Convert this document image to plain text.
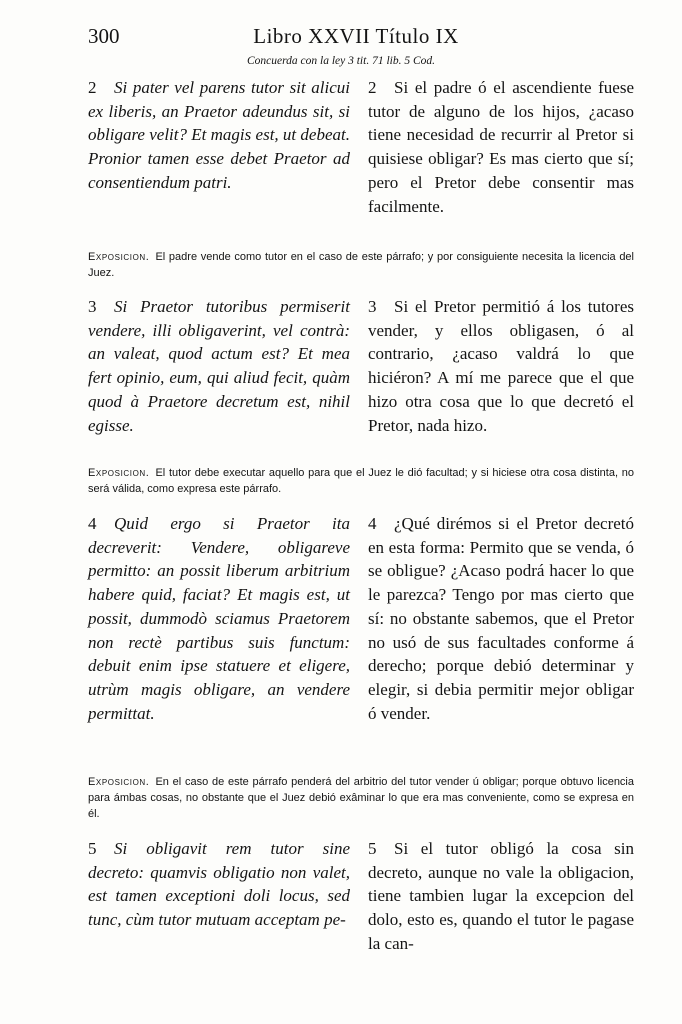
300	Libro XXVII Título IX
Concuerda con la ley 3 tit. 71 lib. 5 Cod.

2 Si pater vel parens tutor sit alicui ex liberis, an Praetor adeundus sit, si obligare velit? Et magis est, ut debeat. Pronior tamen esse debet Praetor ad consentiendum patri.

2 Si el padre ó el ascendiente fuese tutor de alguno de los hijos, ¿acaso tiene necesidad de recurrir al Pretor si quisiese obligar? Es mas cierto que sí; pero el Pretor debe consentir mas facilmente.

Exposicion. El padre vende como tutor en el caso de este párrafo; y por consiguiente necesita la licencia del Juez.

3 Si Praetor tutoribus permiserit vendere, illi obligaverint, vel contrà: an valeat, quod actum est? Et mea fert opinio, eum, qui aliud fecit, quàm quod à Praetore decretum est, nihil egisse.

3 Si el Pretor permitió á los tutores vender, y ellos obligasen, ó al contrario, ¿acaso valdrá lo que hiciéron? A mí me parece que el que hizo otra cosa que lo que decretó el Pretor, nada hizo.

Exposicion. El tutor debe executar aquello para que el Juez le dió facultad; y si hiciese otra cosa distinta, no será válida, como expresa este párrafo.

4 Quid ergo si Praetor ita decreverit: Vendere, obligareve permitto: an possit liberum arbitrium habere quid, faciat? Et magis est, ut possit, dummodò sciamus Praetorem non rectè partibus suis functum: debuit enim ipse statuere et eligere, utrùm magis obligare, an vendere permittat.

4 ¿Qué dirémos si el Pretor decretó en esta forma: Permito que se venda, ó se obligue? ¿Acaso podrá hacer lo que le parezca? Tengo por mas cierto que sí: no obstante sabemos, que el Pretor no usó de sus facultades conforme á derecho; porque debió determinar y elegir, si debia permitir mejor obligar ó vender.

Exposicion. En el caso de este párrafo penderá del arbitrio del tutor vender ú obligar; porque obtuvo licencia para ámbas cosas, no obstante que el Juez debió exâminar lo que era mas conveniente, como se expresa en él.

5 Si obligavit rem tutor sine decreto: quamvis obligatio non valet, est tamen exceptioni doli locus, sed tunc, cùm tutor mutuam acceptam pe-

5 Si el tutor obligó la cosa sin decreto, aunque no vale la obligacion, tiene tambien lugar la excepcion del dolo, esto es, quando el tutor le pagase la can-
